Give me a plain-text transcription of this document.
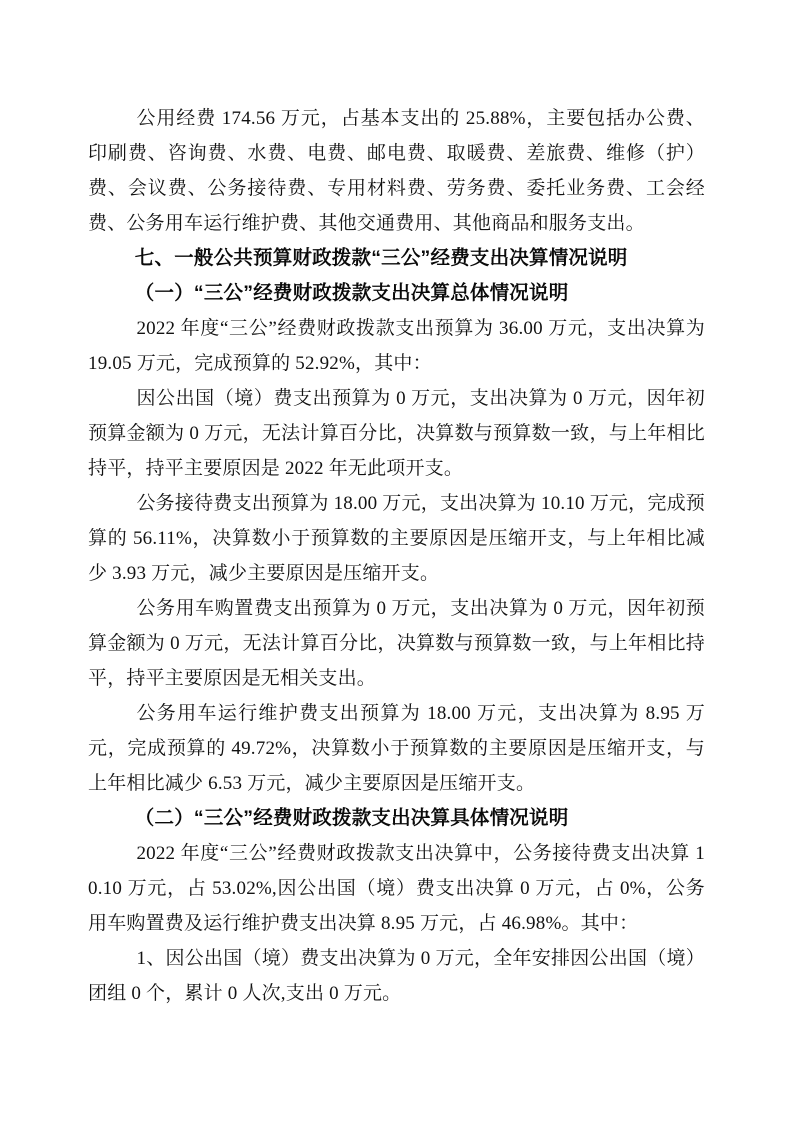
公用经费 174.56 万元，占基本支出的 25.88%，主要包括办公费、印刷费、咨询费、水费、电费、邮电费、取暖费、差旅费、维修（护）费、会议费、公务接待费、专用材料费、劳务费、委托业务费、工会经费、公务用车运行维护费、其他交通费用、其他商品和服务支出。

七、一般公共预算财政拨款“三公”经费支出决算情况说明

（一）“三公”经费财政拨款支出决算总体情况说明

2022 年度“三公”经费财政拨款支出预算为 36.00 万元，支出决算为 19.05 万元，完成预算的 52.92%，其中：

因公出国（境）费支出预算为 0 万元，支出决算为 0 万元，因年初预算金额为 0 万元，无法计算百分比，决算数与预算数一致，与上年相比持平，持平主要原因是 2022 年无此项开支。

公务接待费支出预算为 18.00 万元，支出决算为 10.10 万元，完成预算的 56.11%，决算数小于预算数的主要原因是压缩开支，与上年相比减少 3.93 万元，减少主要原因是压缩开支。

公务用车购置费支出预算为 0 万元，支出决算为 0 万元，因年初预算金额为 0 万元，无法计算百分比，决算数与预算数一致，与上年相比持平，持平主要原因是无相关支出。

公务用车运行维护费支出预算为 18.00 万元，支出决算为 8.95 万元，完成预算的 49.72%，决算数小于预算数的主要原因是压缩开支，与上年相比减少 6.53 万元，减少主要原因是压缩开支。

（二）“三公”经费财政拨款支出决算具体情况说明

2022 年度“三公”经费财政拨款支出决算中，公务接待费支出决算 10.10 万元，占 53.02%,因公出国（境）费支出决算 0 万元，占 0%，公务用车购置费及运行维护费支出决算 8.95 万元，占 46.98%。其中：

1、因公出国（境）费支出决算为 0 万元，全年安排因公出国（境）团组 0 个，累计 0 人次,支出 0 万元。
